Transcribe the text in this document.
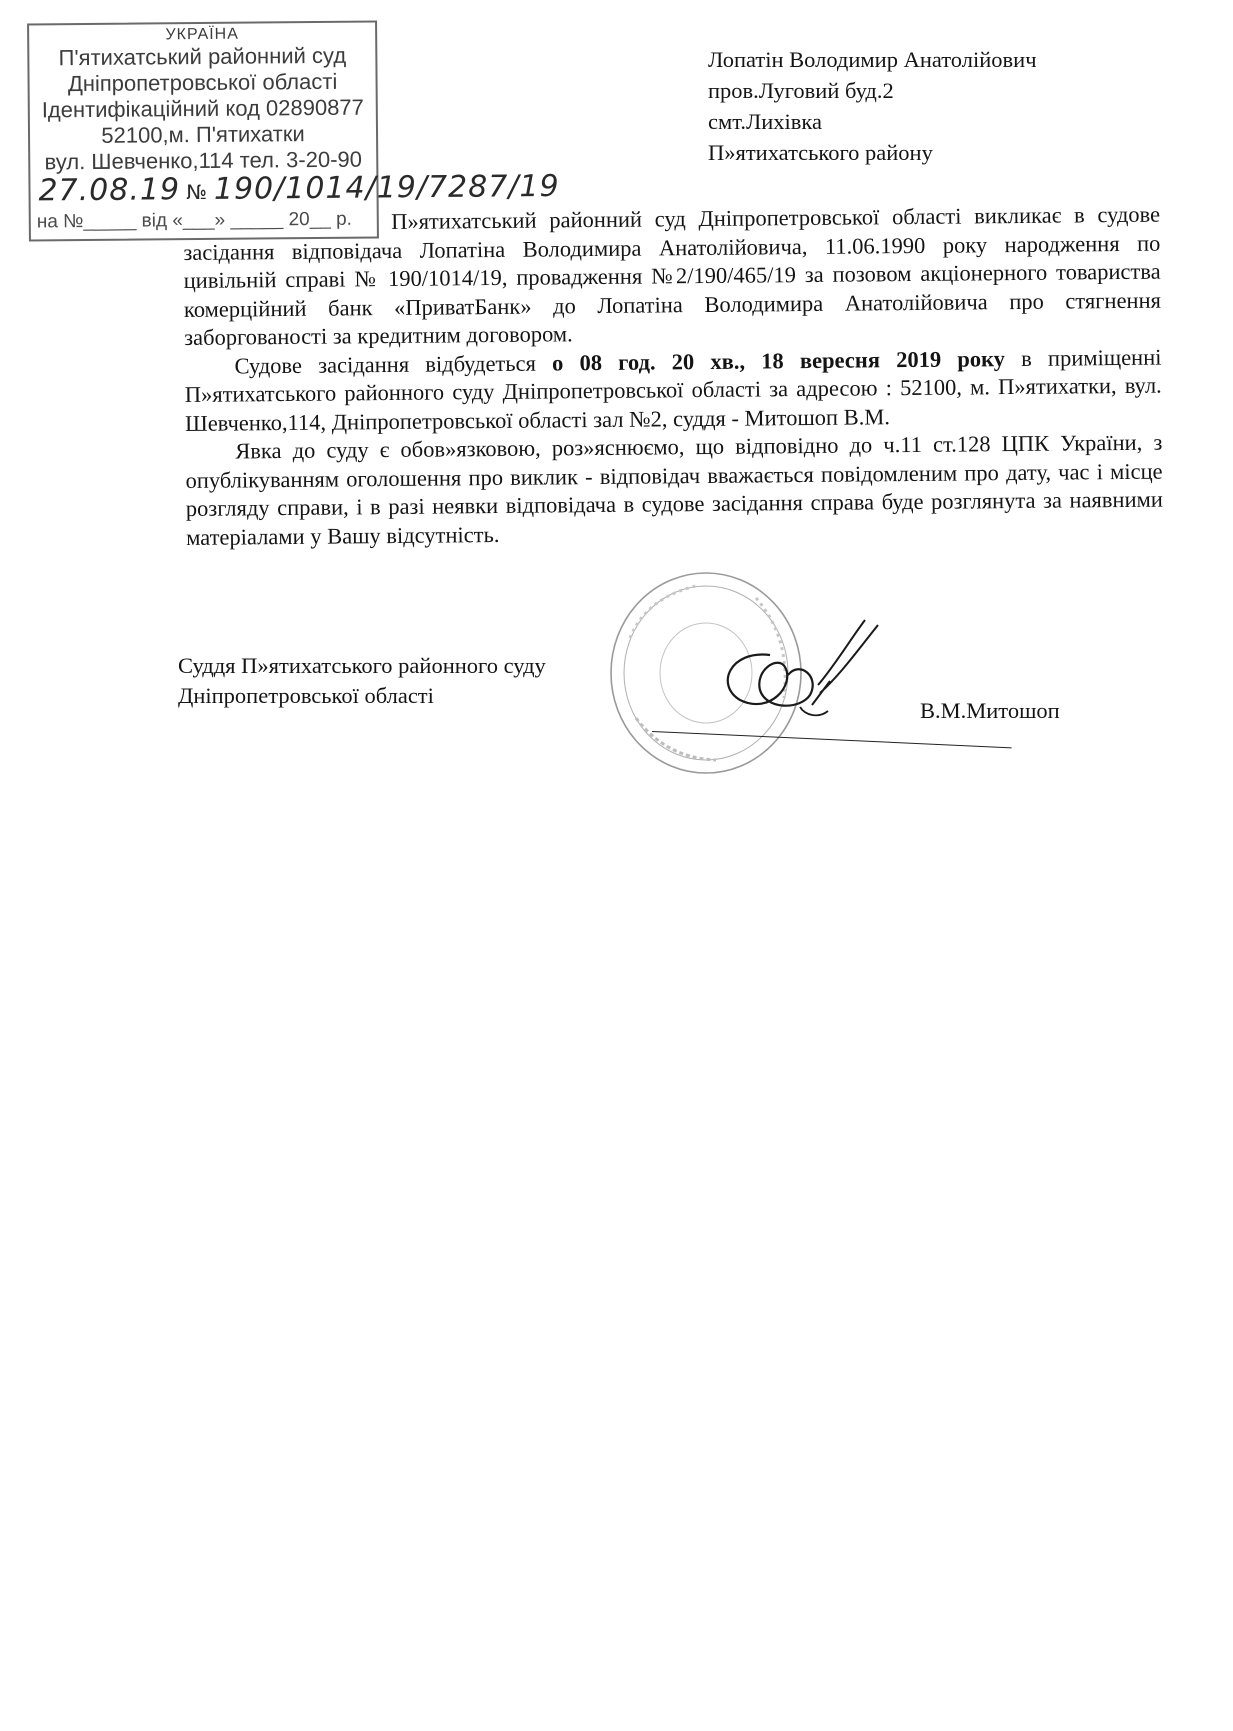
УКРАЇНА
П'ятихатський районний суд
Дніпропетровської області
Ідентифікаційний код 02890877
52100,м. П'ятихатки
вул. Шевченко,114 тел. 3-20-90
27.08.19 № 190/1014/19/7287/19
на №_____ від «___» _____ 20__ р.
Лопатін Володимир Анатолійович
пров.Луговий буд.2
смт.Лихівка
П»ятихатського району

П»ятихатський районний суд Дніпропетровської області викликає в судове засідання відповідача Лопатіна Володимира Анатолійовича, 11.06.1990 року народження по цивільній справі № 190/1014/19, провадження №2/190/465/19 за позовом акціонерного товариства комерційний банк «ПриватБанк» до Лопатіна Володимира Анатолійовича про стягнення заборгованості за кредитним договором.

Судове засідання відбудеться о 08 год. 20 хв., 18 вересня 2019 року в приміщенні П»ятихатського районного суду Дніпропетровської області за адресою : 52100, м. П»ятихатки, вул. Шевченко,114, Дніпропетровської області зал №2, суддя - Митошоп В.М.

Явка до суду є обов»язковою, роз»яснюємо, що відповідно до ч.11 ст.128 ЦПК України, з опублікуванням оголошення про виклик - відповідач вважається повідомленим про дату, час і місце розгляду справи, і в разі неявки відповідача в судове засідання справа буде розглянута за наявними матеріалами у Вашу відсутність.

Суддя П»ятихатського районного суду
Дніпропетровської області
В.М.Митошоп
